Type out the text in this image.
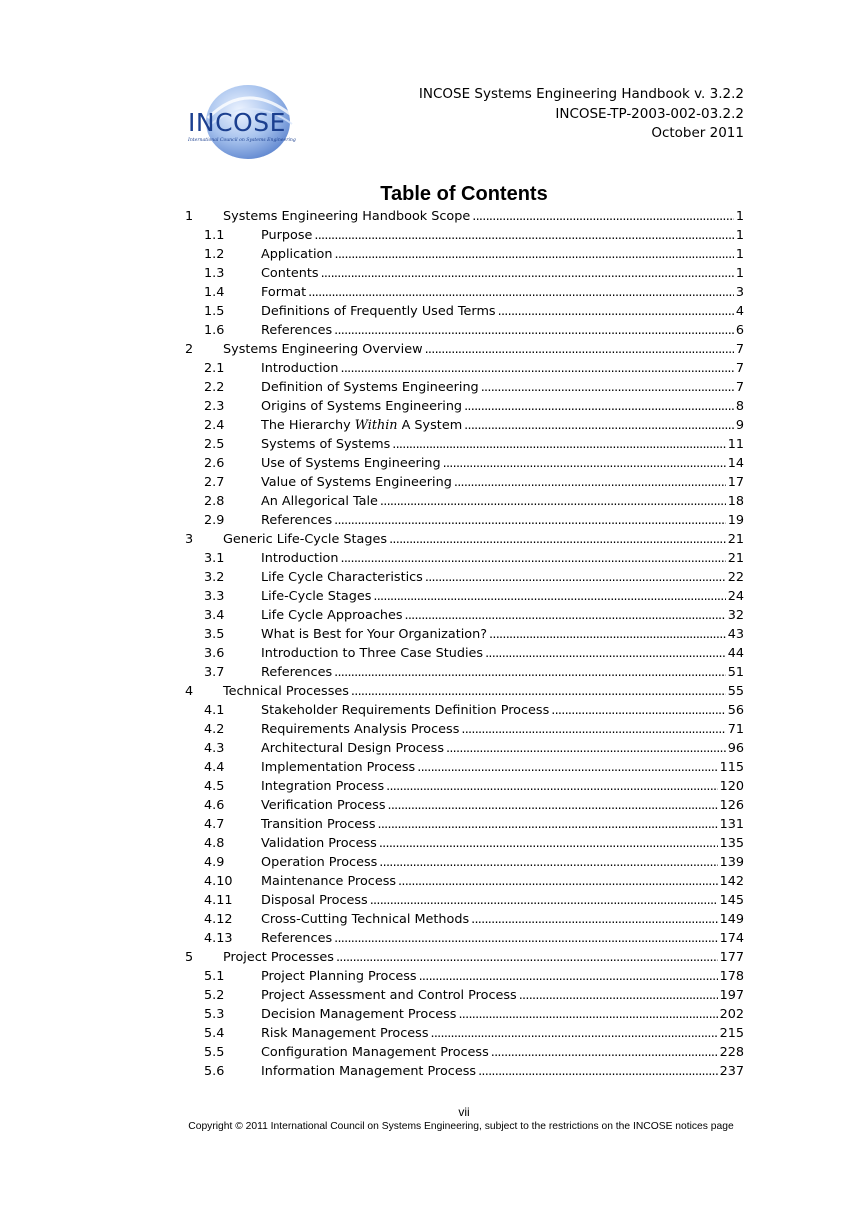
INCOSE
International Council on Systems Engineering
INCOSE Systems Engineering Handbook v. 3.2.2
INCOSE-TP-2003-002-03.2.2
October 2011
Table of Contents
1 Systems Engineering Handbook Scope . . .	1
1.1	Purpose . . .	1
1.2	Application . . .	1
1.3	Contents . . .	1
1.4	Format . . .	3
1.5	Definitions of Frequently Used Terms . . .	4
1.6	References . . .	6
2 Systems Engineering Overview . . .	7
2.1	Introduction . . .	7
2.2	Definition of Systems Engineering . . .	7
2.3	Origins of Systems Engineering . . .	8
2.4	The Hierarchy Within A System . . .	9
2.5	Systems of Systems . . .	11
2.6	Use of Systems Engineering . . .	14
2.7	Value of Systems Engineering . . .	17
2.8	An Allegorical Tale . . .	18
2.9	References . . .	19
3 Generic Life-Cycle Stages . . .	21
3.1	Introduction . . .	21
3.2	Life Cycle Characteristics . . .	22
3.3	Life-Cycle Stages . . .	24
3.4	Life Cycle Approaches . . .	32
3.5	What is Best for Your Organization? . . .	43
3.6	Introduction to Three Case Studies . . .	44
3.7	References . . .	51
4 Technical Processes . . .	55
4.1	Stakeholder Requirements Definition Process . . .	56
4.2	Requirements Analysis Process . . .	71
4.3	Architectural Design Process . . .	96
4.4	Implementation Process . . .	115
4.5	Integration Process . . .	120
4.6	Verification Process . . .	126
4.7	Transition Process . . .	131
4.8	Validation Process . . .	135
4.9	Operation Process . . .	139
4.10 Maintenance Process . . .	142
4.11 Disposal Process . . .	145
4.12 Cross-Cutting Technical Methods . . .	149
4.13 References . . .	174
5 Project Processes . . .	177
5.1	Project Planning Process . . .	178
5.2	Project Assessment and Control Process . . .	197
5.3	Decision Management Process . . .	202
5.4	Risk Management Process . . .	215
5.5	Configuration Management Process . . .	228
5.6	Information Management Process . . .	237
vii
Copyright © 2011 International Council on Systems Engineering, subject to the restrictions on the INCOSE notices page
